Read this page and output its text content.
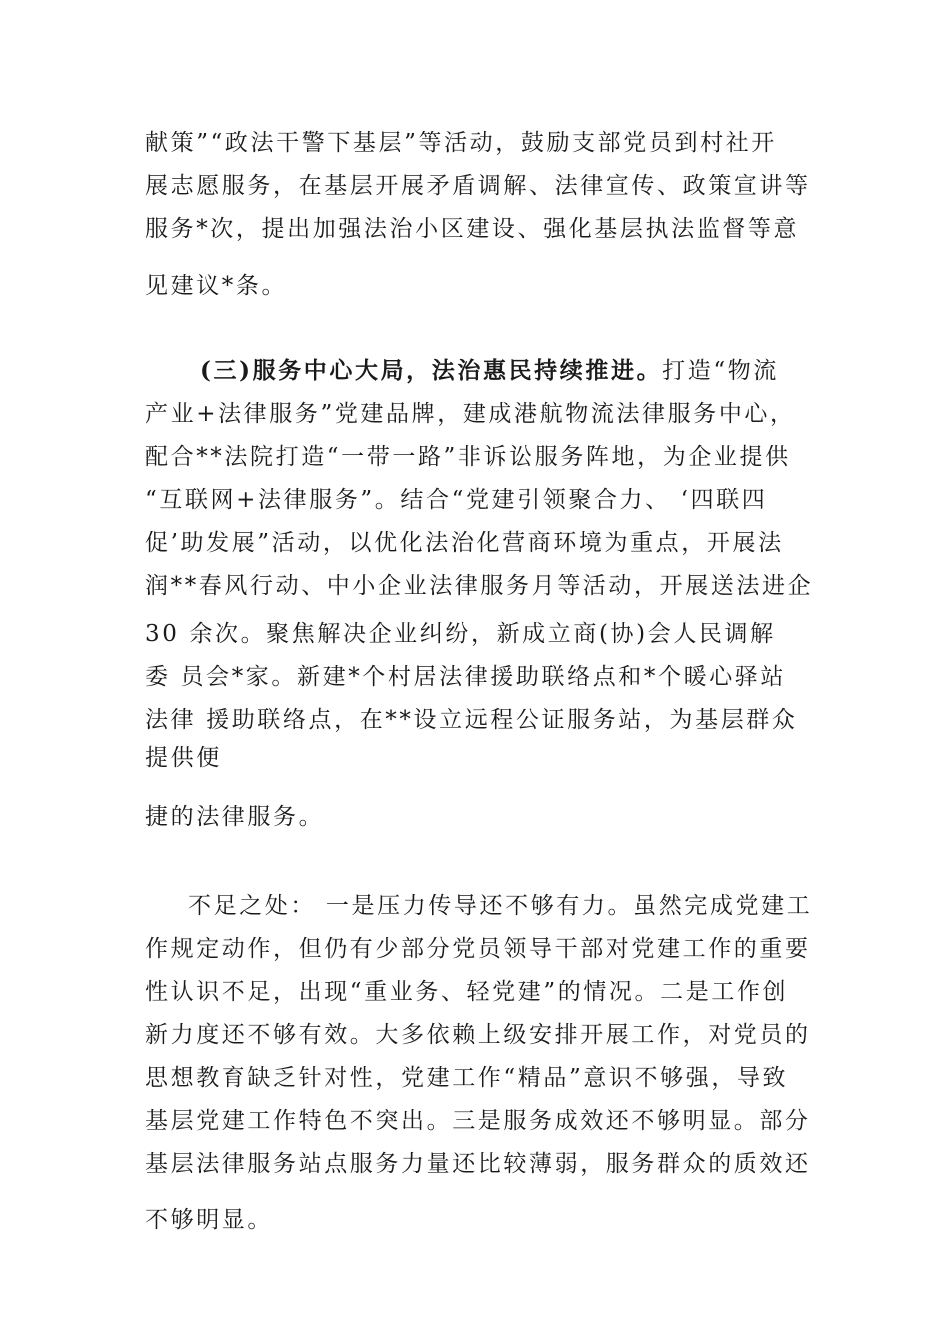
献策”“政法干警下基层”等活动，鼓励支部党员到村社开
展志愿服务，在基层开展矛盾调解、法律宣传、政策宣讲等
服务*次，提出加强法治小区建设、强化基层执法监督等意
见建议*条。
(三)服务中心大局，法治惠民持续推进。打造“物流
产业+法律服务”党建品牌，建成港航物流法律服务中心，
配合**法院打造“一带一路”非诉讼服务阵地，为企业提供
“互联网+法律服务”。结合“党建引领聚合力、 ‘四联四
促’助发展”活动，以优化法治化营商环境为重点，开展法
润**春风行动、中小企业法律服务月等活动，开展送法进企
30 余次。聚焦解决企业纠纷，新成立商(协)会人民调解
委 员会*家。新建*个村居法律援助联络点和*个暖心驿站
法律 援助联络点，在**设立远程公证服务站，为基层群众
提供便
捷的法律服务。
不足之处： 一是压力传导还不够有力。虽然完成党建工
作规定动作，但仍有少部分党员领导干部对党建工作的重要
性认识不足，出现“重业务、轻党建”的情况。二是工作创
新力度还不够有效。大多依赖上级安排开展工作，对党员的
思想教育缺乏针对性，党建工作“精品”意识不够强，导致
基层党建工作特色不突出。三是服务成效还不够明显。部分
基层法律服务站点服务力量还比较薄弱，服务群众的质效还
不够明显。
